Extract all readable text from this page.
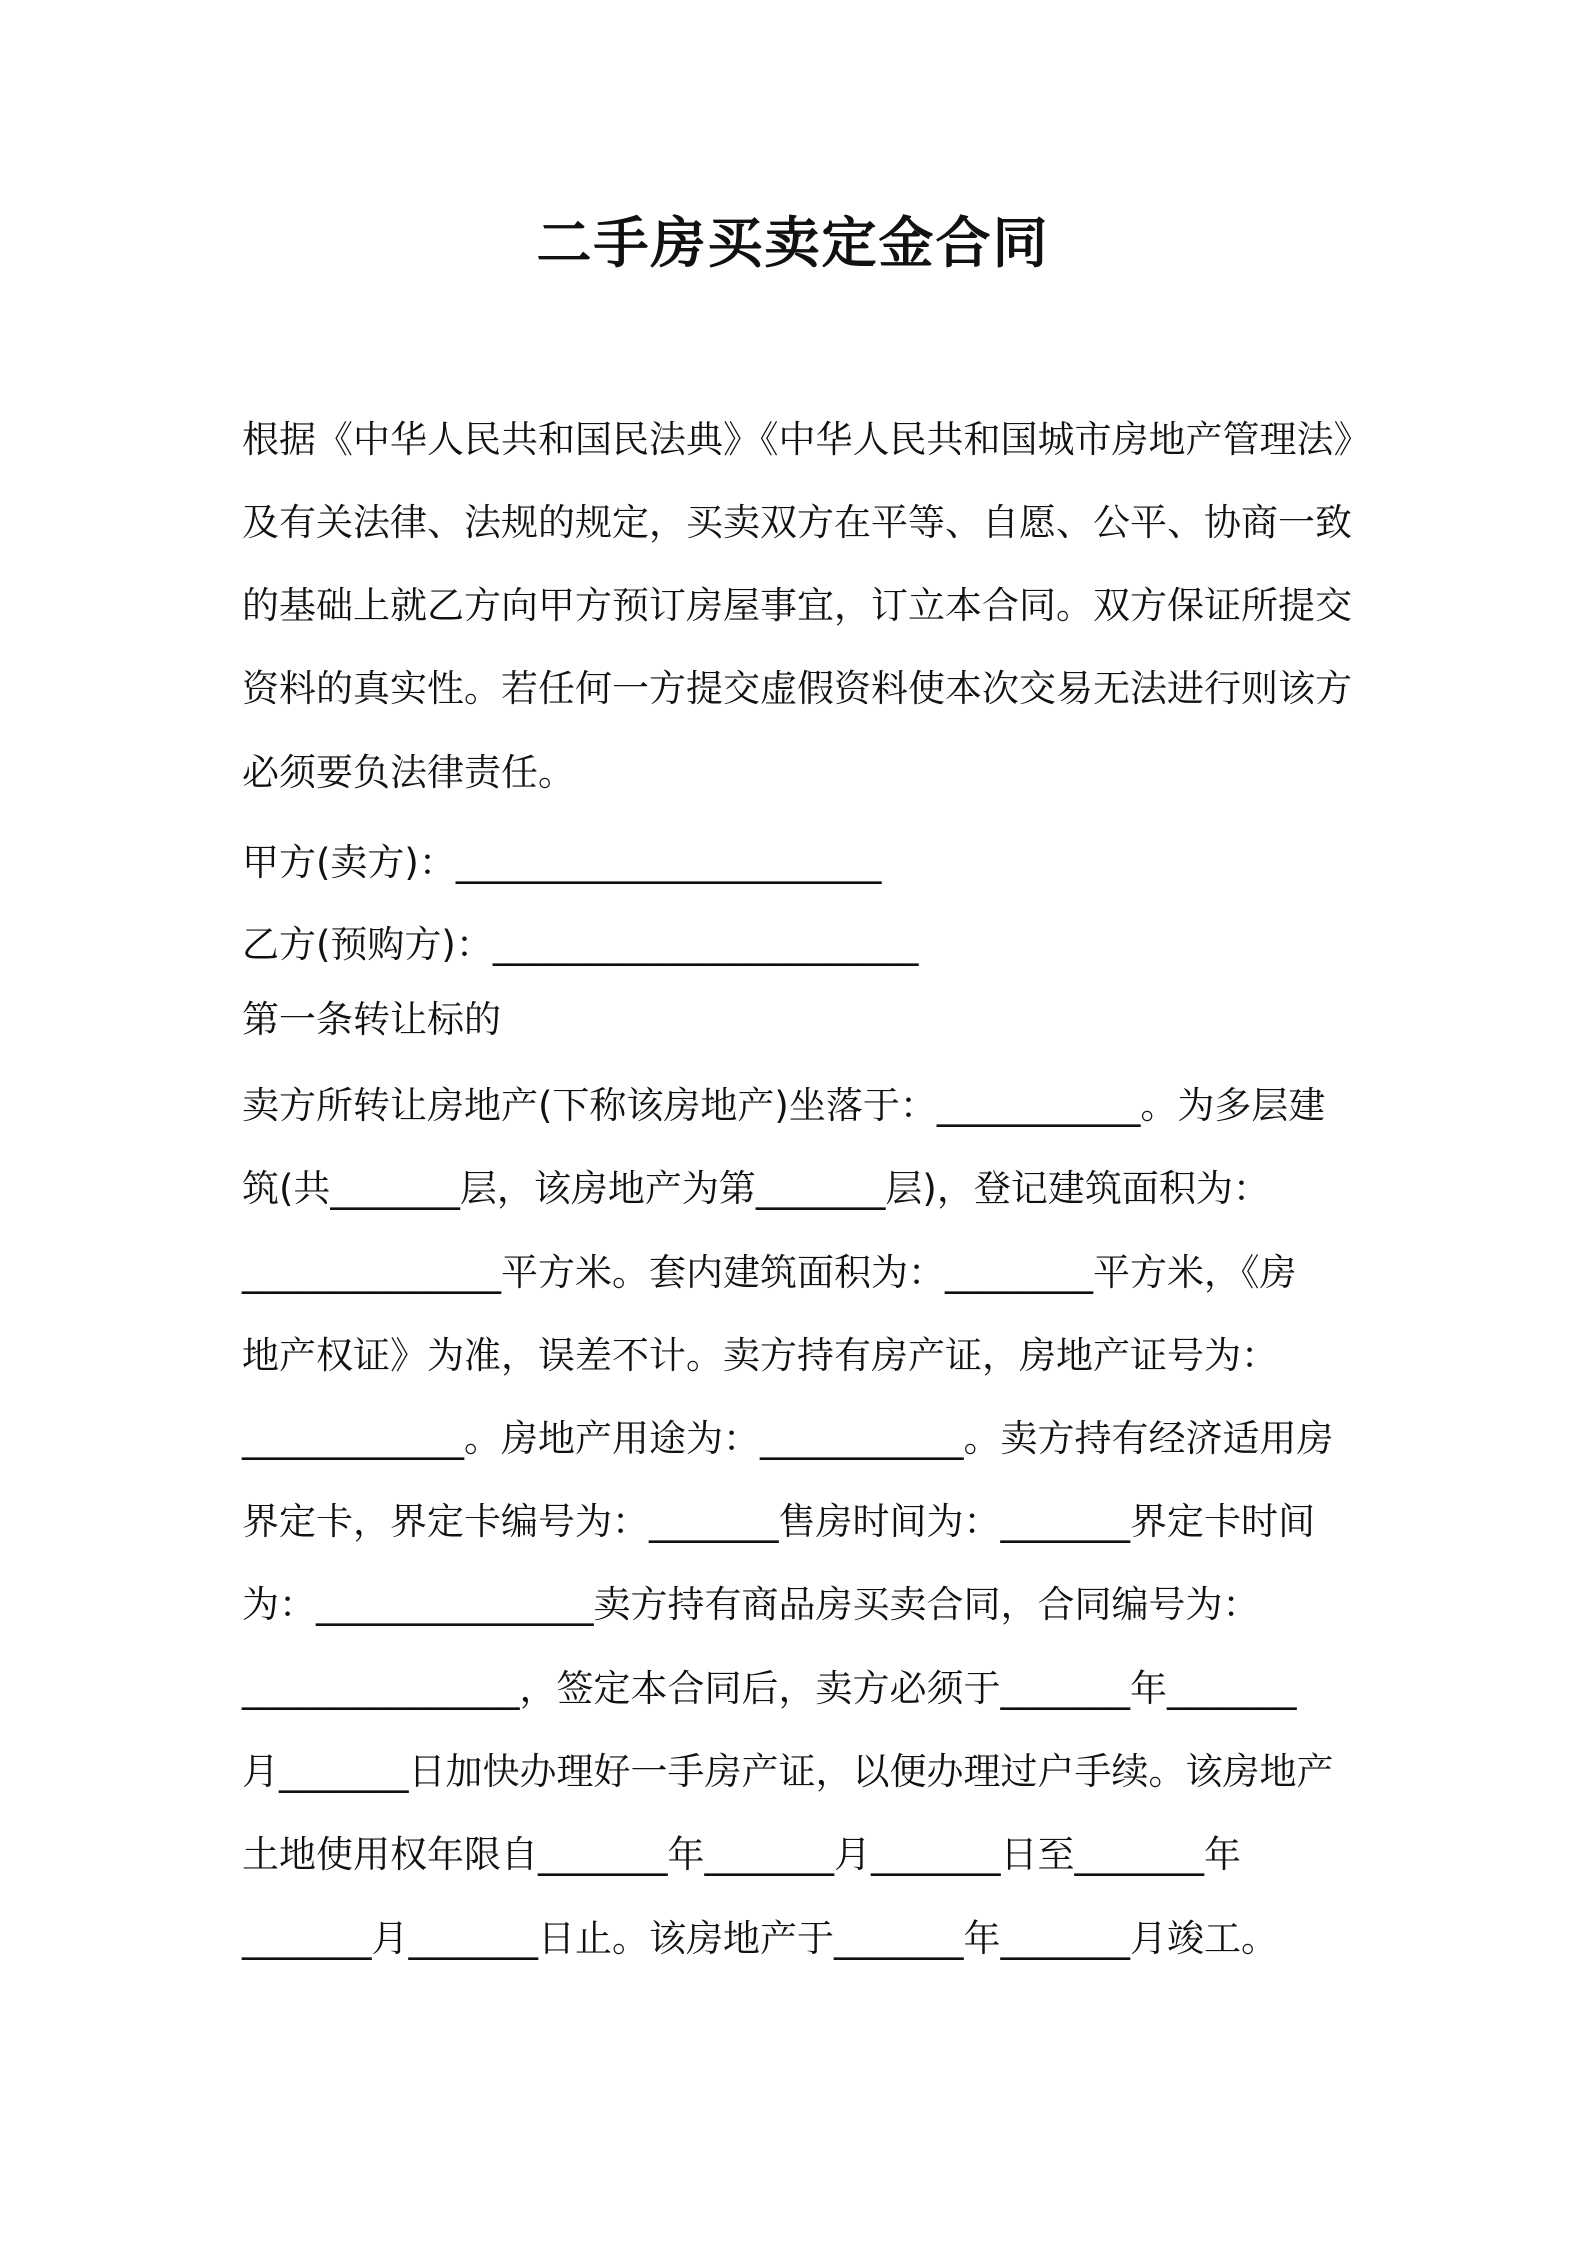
二手房买卖定金合同
根据《中华人民共和国民法典》《中华人民共和国城市房地产管理法》
及有关法律、法规的规定，买卖双方在平等、自愿、公平、协商一致
的基础上就乙方向甲方预订房屋事宜，订立本合同。双方保证所提交
资料的真实性。若任何一方提交虚假资料使本次交易无法进行则该方
必须要负法律责任。
甲方(卖方)：_______________________
乙方(预购方)：_______________________
第一条转让标的
卖方所转让房地产(下称该房地产)坐落于：___________。为多层建
筑(共_______层，该房地产为第_______层)，登记建筑面积为：
______________平方米。套内建筑面积为：________平方米，《房
地产权证》为准，误差不计。卖方持有房产证，房地产证号为：
____________。房地产用途为：___________。卖方持有经济适用房
界定卡，界定卡编号为：_______售房时间为：_______界定卡时间
为：_______________卖方持有商品房买卖合同，合同编号为：
_______________，签定本合同后，卖方必须于_______年_______
月_______日加快办理好一手房产证，以便办理过户手续。该房地产
土地使用权年限自_______年_______月_______日至_______年
_______月_______日止。该房地产于_______年_______月竣工。
